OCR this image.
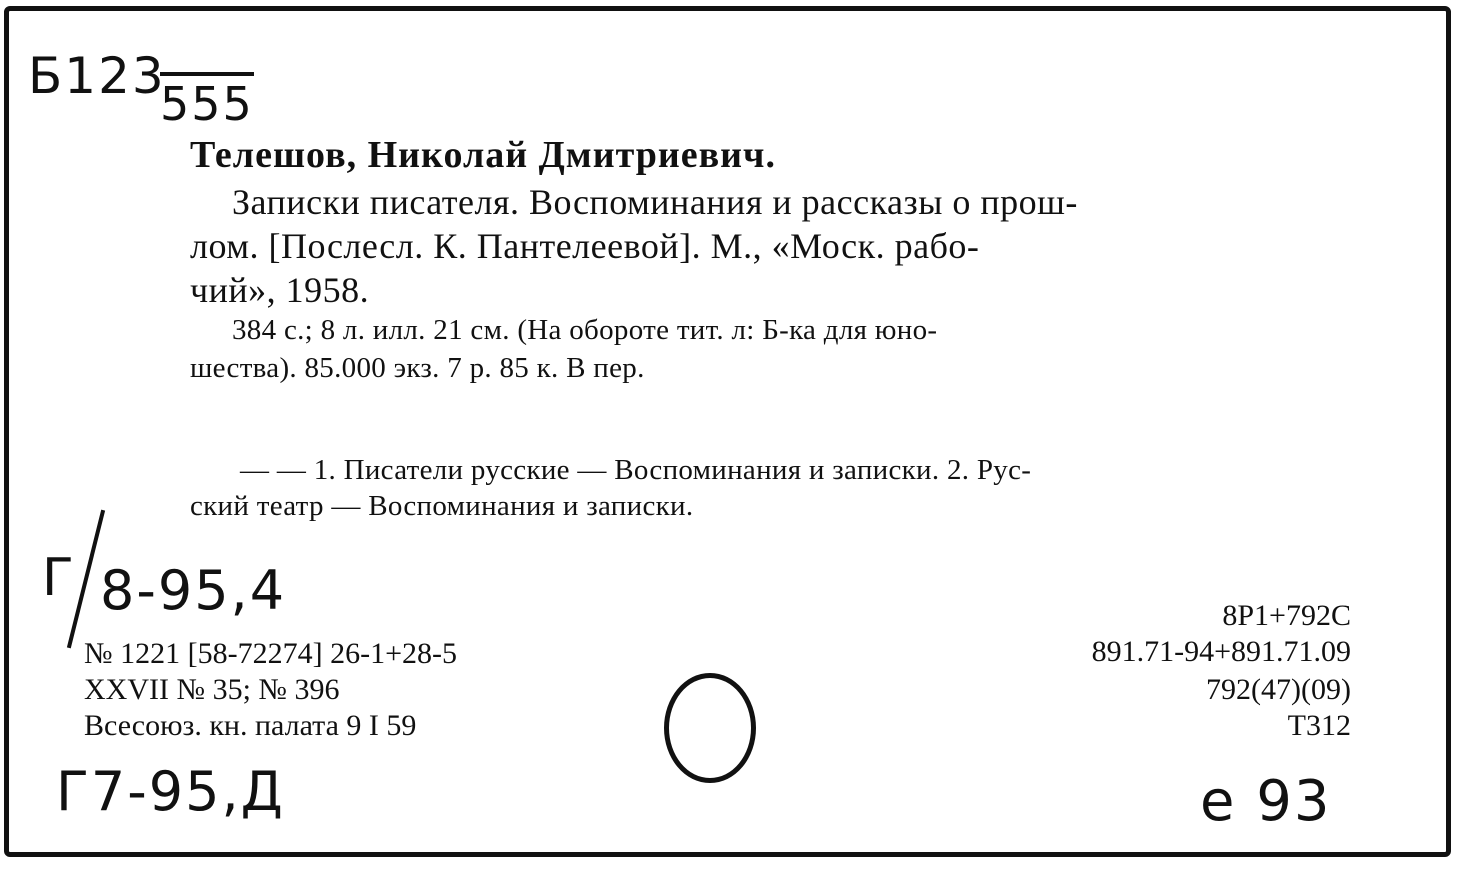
Б123
555
Телешов, Николай Дмитриевич.
Записки писателя. Воспоминания и рассказы о прош-
лом. [Послесл. К. Пантелеевой]. М., «Моск. рабо-
чий», 1958.
384 с.; 8 л. илл. 21 см. (На обороте тит. л: Б-ка для юно-
шества). 85.000 экз. 7 р. 85 к. В пер.
— — 1. Писатели русские — Воспоминания и записки. 2. Рус-
ский театр — Воспоминания и записки.
Г 8-95,4
№ 1221 [58-72274] 26-1+28-5
XXVII № 35; № 396
Всесоюз. кн. палата 9 I 59
8Р1+792С
891.71-94+891.71.09
792(47)(09)
Т312
Г7-95,Д	е 93
